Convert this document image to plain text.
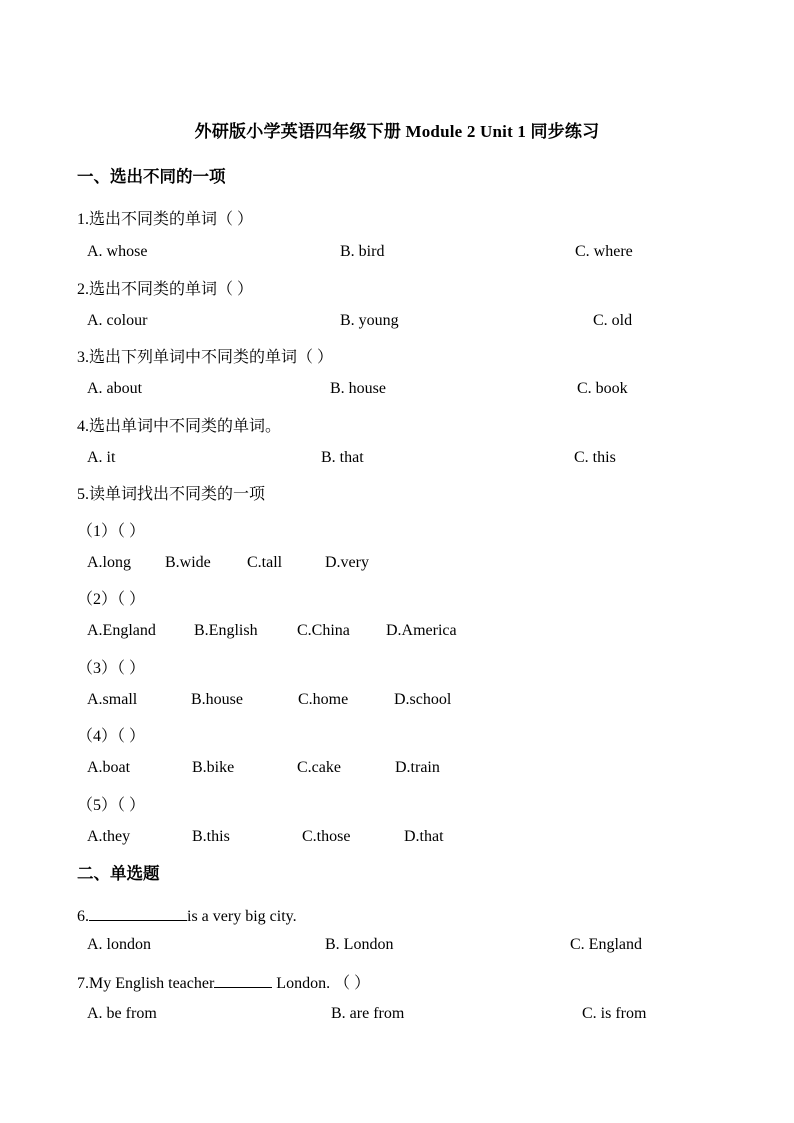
外研版小学英语四年级下册 Module 2 Unit 1 同步练习
一、选出不同的一项
1.选出不同类的单词（ ）
A. whose	B. bird	C. where
2.选出不同类的单词（ ）
A. colour	B. young	C. old
3.选出下列单词中不同类的单词（ ）
A. about	B. house	C. book
4.选出单词中不同类的单词。
A. it	B. that	C. this
5.读单词找出不同类的一项
（1）（ ）
A.long B.wide C.tall	D.very
（2）（ ）
A.England B.English C.China D.America
（3）（ ）
A.small	B.house	C.home	D.school
（4）（ ）
A.boat	B.bike	C.cake	D.train
（5）（ ）
A.they	B.this	C.those	D.that
二、单选题
6.	is a very big city.
A. london	B. London	C. England
7.My English teacher	London. （ ）
A. be from	B. are from	C. is from
